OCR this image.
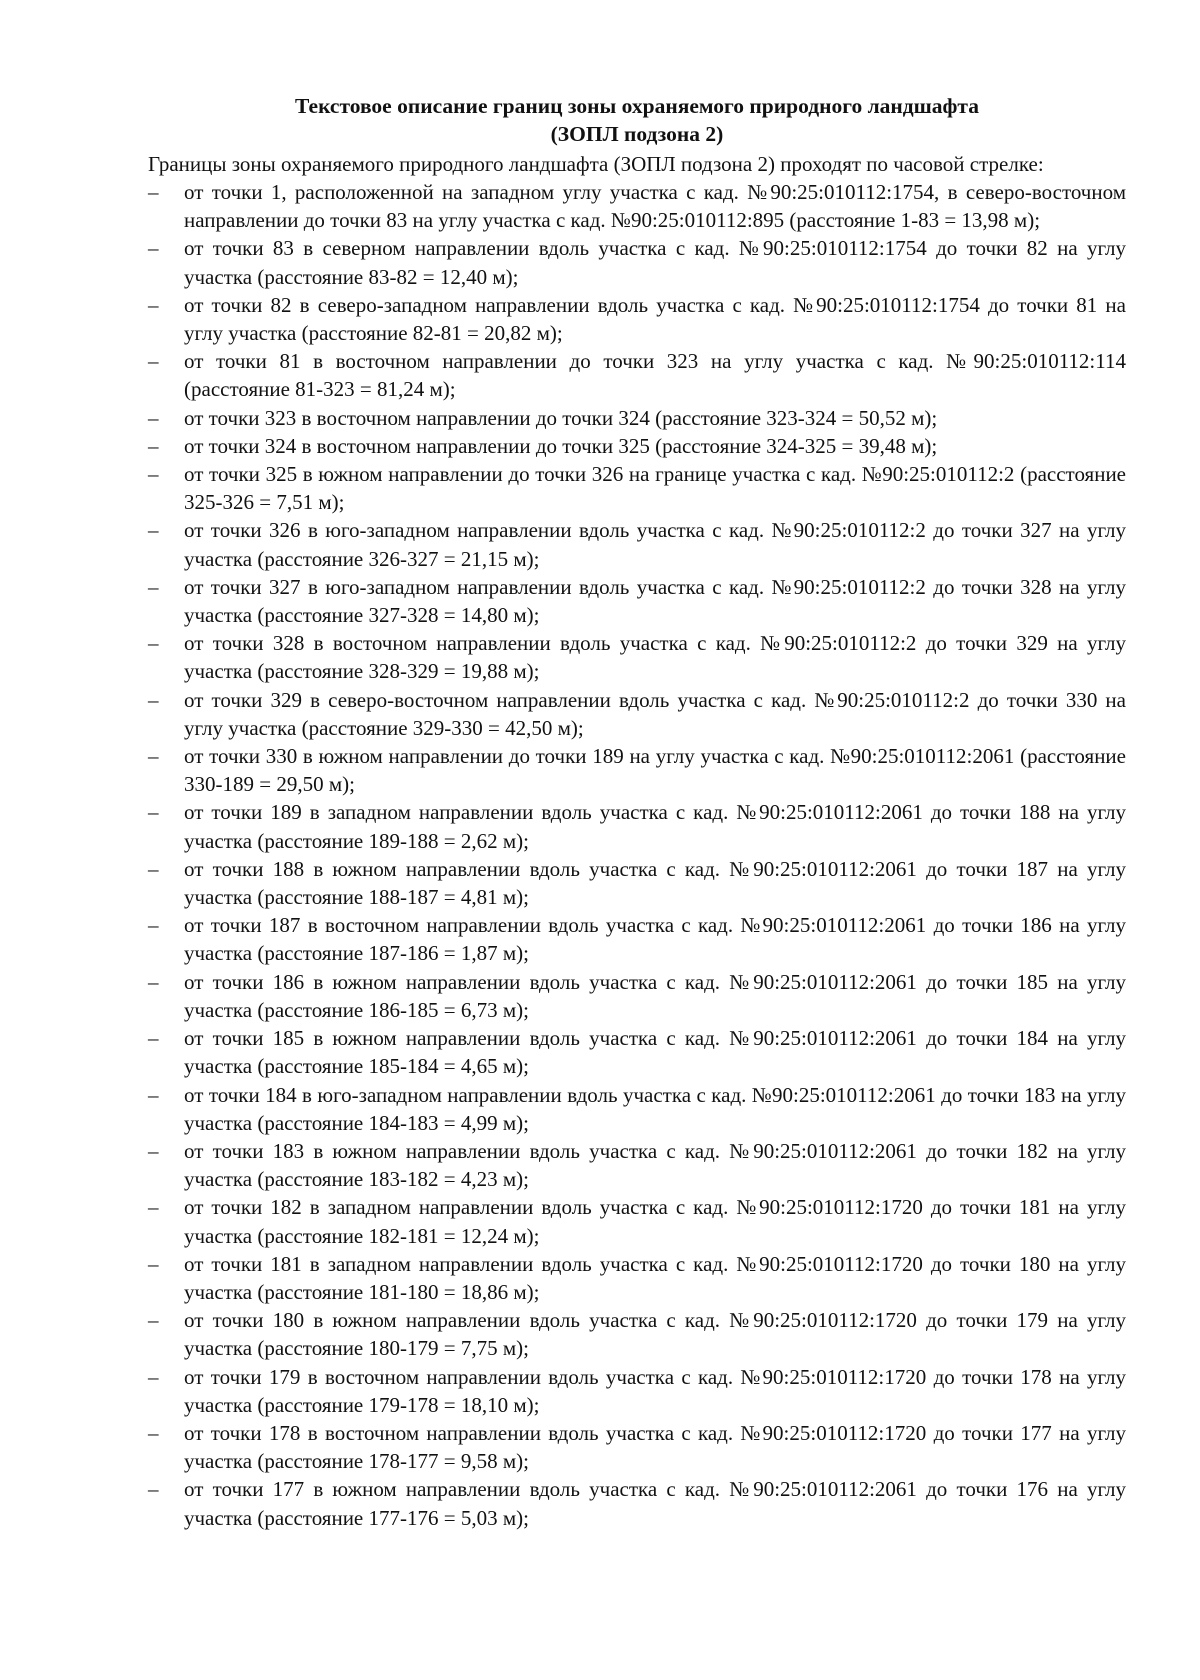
Текстовое описание границ зоны охраняемого природного ландшафта

(ЗОПЛ подзона 2)

Границы зоны охраняемого природного ландшафта (ЗОПЛ подзона 2) проходят по часовой стрелке:

–	от точки 1, расположенной на западном углу участка с кад. №90:25:010112:1754, в северо-восточном направлении до точки 83 на углу участка с кад. №90:25:010112:895 (расстояние 1-83 = 13,98 м);
–	от точки 83 в северном направлении вдоль участка с кад. №90:25:010112:1754 до точки 82 на углу участка (расстояние 83-82 = 12,40 м);
–	от точки 82 в северо-западном направлении вдоль участка с кад. №90:25:010112:1754 до точки 81 на углу участка (расстояние 82-81 = 20,82 м);
–	от точки 81 в восточном направлении до точки 323 на углу участка с кад. №90:25:010112:114 (расстояние 81-323 = 81,24 м);
–	от точки 323 в восточном направлении до точки 324 (расстояние 323-324 = 50,52 м);
–	от точки 324 в восточном направлении до точки 325 (расстояние 324-325 = 39,48 м);
–	от точки 325 в южном направлении до точки 326 на границе участка с кад. №90:25:010112:2 (расстояние 325-326 = 7,51 м);
–	от точки 326 в юго-западном направлении вдоль участка с кад. №90:25:010112:2 до точки 327 на углу участка (расстояние 326-327 = 21,15 м);
–	от точки 327 в юго-западном направлении вдоль участка с кад. №90:25:010112:2 до точки 328 на углу участка (расстояние 327-328 = 14,80 м);
–	от точки 328 в восточном направлении вдоль участка с кад. №90:25:010112:2 до точки 329 на углу участка (расстояние 328-329 = 19,88 м);
–	от точки 329 в северо-восточном направлении вдоль участка с кад. №90:25:010112:2 до точки 330 на углу участка (расстояние 329-330 = 42,50 м);
–	от точки 330 в южном направлении до точки 189 на углу участка с кад. №90:25:010112:2061 (расстояние 330-189 = 29,50 м);
–	от точки 189 в западном направлении вдоль участка с кад. №90:25:010112:2061 до точки 188 на углу участка (расстояние 189-188 = 2,62 м);
–	от точки 188 в южном направлении вдоль участка с кад. №90:25:010112:2061 до точки 187 на углу участка (расстояние 188-187 = 4,81 м);
–	от точки 187 в восточном направлении вдоль участка с кад. №90:25:010112:2061 до точки 186 на углу участка (расстояние 187-186 = 1,87 м);
–	от точки 186 в южном направлении вдоль участка с кад. №90:25:010112:2061 до точки 185 на углу участка (расстояние 186-185 = 6,73 м);
–	от точки 185 в южном направлении вдоль участка с кад. №90:25:010112:2061 до точки 184 на углу участка (расстояние 185-184 = 4,65 м);
–	от точки 184 в юго-западном направлении вдоль участка с кад. №90:25:010112:2061 до точки 183 на углу участка (расстояние 184-183 = 4,99 м);
–	от точки 183 в южном направлении вдоль участка с кад. №90:25:010112:2061 до точки 182 на углу участка (расстояние 183-182 = 4,23 м);
–	от точки 182 в западном направлении вдоль участка с кад. №90:25:010112:1720 до точки 181 на углу участка (расстояние 182-181 = 12,24 м);
–	от точки 181 в западном направлении вдоль участка с кад. №90:25:010112:1720 до точки 180 на углу участка (расстояние 181-180 = 18,86 м);
–	от точки 180 в южном направлении вдоль участка с кад. №90:25:010112:1720 до точки 179 на углу участка (расстояние 180-179 = 7,75 м);
–	от точки 179 в восточном направлении вдоль участка с кад. №90:25:010112:1720 до точки 178 на углу участка (расстояние 179-178 = 18,10 м);
–	от точки 178 в восточном направлении вдоль участка с кад. №90:25:010112:1720 до точки 177 на углу участка (расстояние 178-177 = 9,58 м);
–	от точки 177 в южном направлении вдоль участка с кад. №90:25:010112:2061 до точки 176 на углу участка (расстояние 177-176 = 5,03 м);
